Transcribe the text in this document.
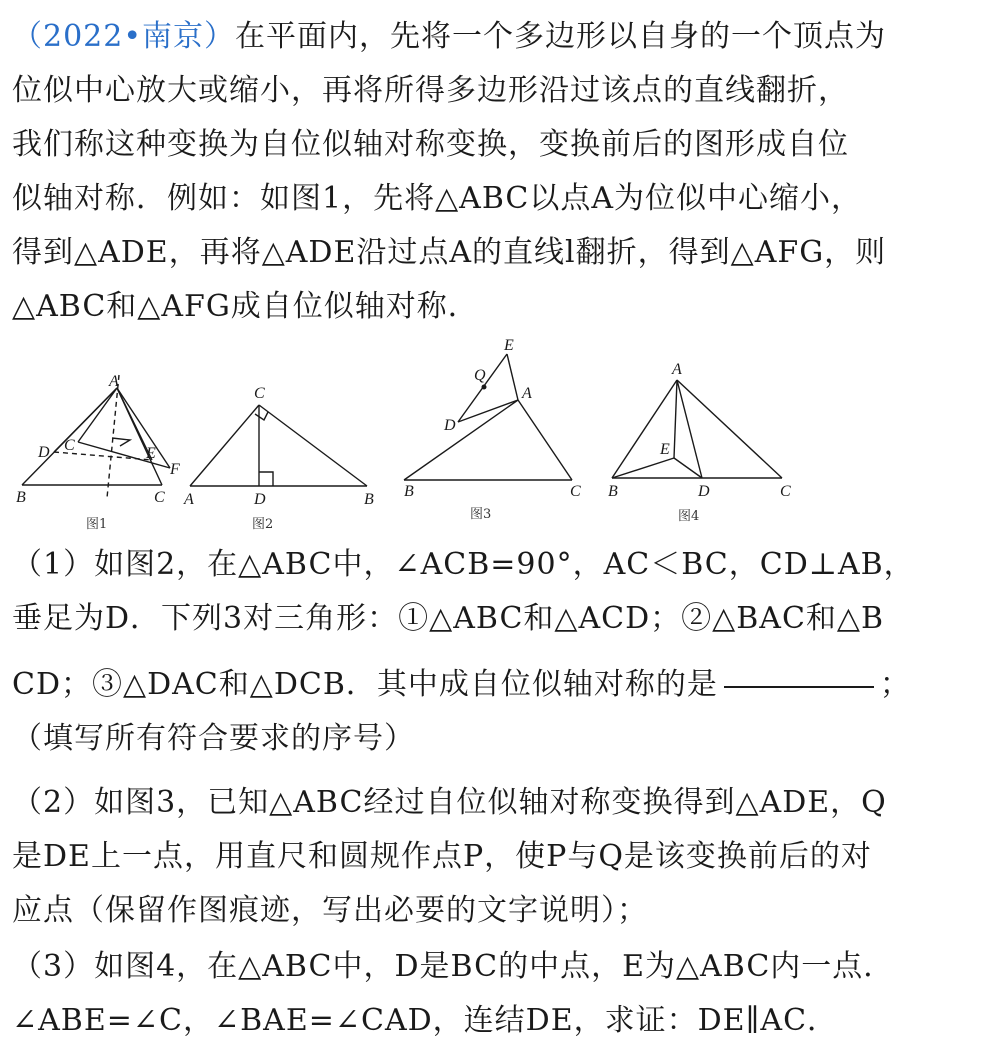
（2022•南京）在平面内，先将一个多边形以自身的一个顶点为
位似中心放大或缩小，再将所得多边形沿过该点的直线翻折，
我们称这种变换为自位似轴对称变换，变换前后的图形成自位
似轴对称．例如：如图1，先将△ABC以点A为位似中心缩小，
得到△ADE，再将△ADE沿过点A的直线l翻折，得到△AFG，则
△ABC和△AFG成自位似轴对称．
A
D C	E
F
B	C
图1
C
A	D	B
图2
E
Q
A
D
B	C
图3
A
E
B	D	C
图4
（1）如图2，在△ABC中，∠ACB=90°，AC＜BC，CD⊥AB，
垂足为D．下列3对三角形：①△ABC和△ACD；②△BAC和△B
CD；③△DAC和△DCB．其中成自位似轴对称的是	；
（填写所有符合要求的序号）
（2）如图3，已知△ABC经过自位似轴对称变换得到△ADE，Q
是DE上一点，用直尺和圆规作点P，使P与Q是该变换前后的对
应点（保留作图痕迹，写出必要的文字说明）；
（3）如图4，在△ABC中，D是BC的中点，E为△ABC内一点．
∠ABE=∠C，∠BAE=∠CAD，连结DE，求证：DE∥AC．
